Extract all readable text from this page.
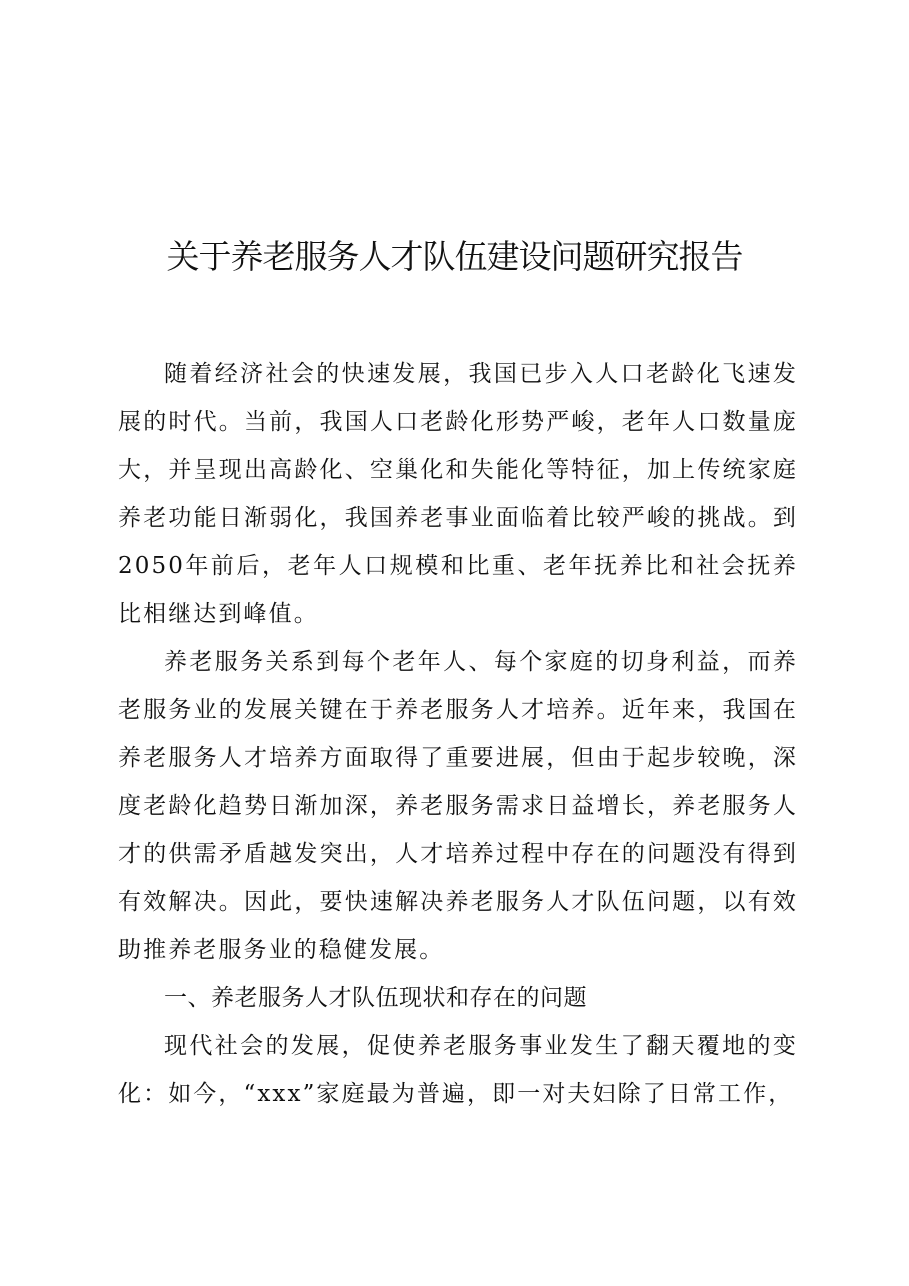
关于养老服务人才队伍建设问题研究报告

随着经济社会的快速发展，我国已步入人口老龄化飞速发展的时代。当前，我国人口老龄化形势严峻，老年人口数量庞大，并呈现出高龄化、空巢化和失能化等特征，加上传统家庭养老功能日渐弱化，我国养老事业面临着比较严峻的挑战。到2050年前后，老年人口规模和比重、老年抚养比和社会抚养比相继达到峰值。

养老服务关系到每个老年人、每个家庭的切身利益，而养老服务业的发展关键在于养老服务人才培养。近年来，我国在养老服务人才培养方面取得了重要进展，但由于起步较晚，深度老龄化趋势日渐加深，养老服务需求日益增长，养老服务人才的供需矛盾越发突出，人才培养过程中存在的问题没有得到有效解决。因此，要快速解决养老服务人才队伍问题，以有效助推养老服务业的稳健发展。

一、养老服务人才队伍现状和存在的问题

现代社会的发展，促使养老服务事业发生了翻天覆地的变化：如今，“xxx”家庭最为普遍，即一对夫妇除了日常工作，
